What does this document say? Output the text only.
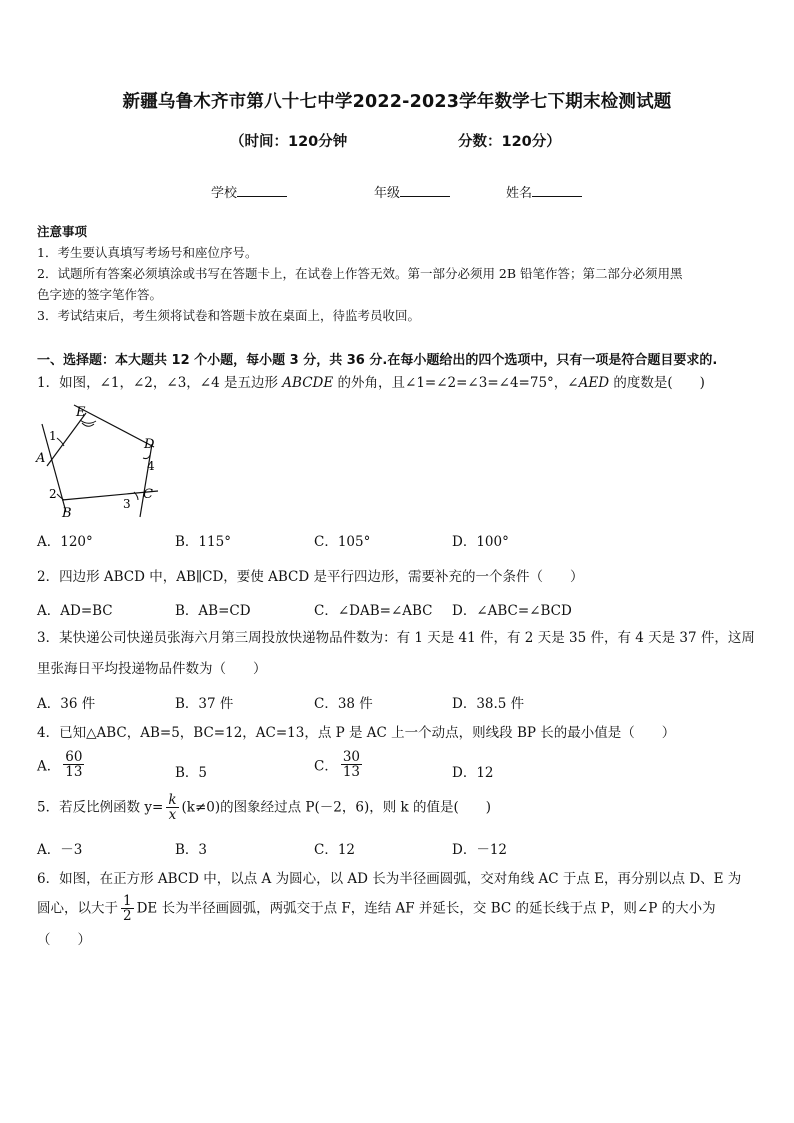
新疆乌鲁木齐市第八十七中学2022-2023学年数学七下期末检测试题
（时间：120分钟	分数：120分）
学校	年级	姓名
注意事项
1．考生要认真填写考场号和座位序号。
2．试题所有答案必须填涂或书写在答题卡上，在试卷上作答无效。第一部分必须用 2B 铅笔作答；第二部分必须用黑
色字迹的签字笔作答。
3．考试结束后，考生须将试卷和答题卡放在桌面上，待监考员收回。
一、选择题：本大题共 12 个小题，每小题 3 分，共 36 分.在每小题给出的四个选项中，只有一项是符合题目要求的.
1．如图，∠1，∠2，∠3，∠4 是五边形 ABCDE 的外角，且∠1=∠2=∠3=∠4=75°，∠AED 的度数是(　　)
E
D
A
B
C
1
2
3
4
A．120°	B．115°	C．105°	D．100°
2．四边形 ABCD 中，AB∥CD，要使 ABCD 是平行四边形，需要补充的一个条件（　　）
A．AD=BC	B．AB=CD	C．∠DAB=∠ABC D．∠ABC=∠BCD
3．某快递公司快递员张海六月第三周投放快递物品件数为：有 1 天是 41 件，有 2 天是 35 件，有 4 天是 37 件，这周
里张海日平均投递物品件数为（　　）
A．36 件	B．37 件	C．38 件	D．38.5 件
4．已知△ABC，AB=5，BC=12，AC=13，点 P 是 AC 上一个动点，则线段 BP 长的最小值是（　　）
A． $\frac{60}{13}$	B．5	C． $\frac{30}{13}$	D．12
5．若反比例函数 $y= \frac{k}{x} (k\ne 0)$的图象经过点 P(－2，6)，则 k 的值是(　　)
A．－3	B．3	C．12	D．－12
6．如图，在正方形 ABCD 中，以点 A 为圆心，以 AD 长为半径画圆弧，交对角线 AC 于点 E，再分别以点 D、E 为
圆心，以大于 $\frac{1}{2}$ DE 长为半径画圆弧，两弧交于点 F，连结 AF 并延长，交 BC 的延长线于点 P，则∠P 的大小为
（　　）
